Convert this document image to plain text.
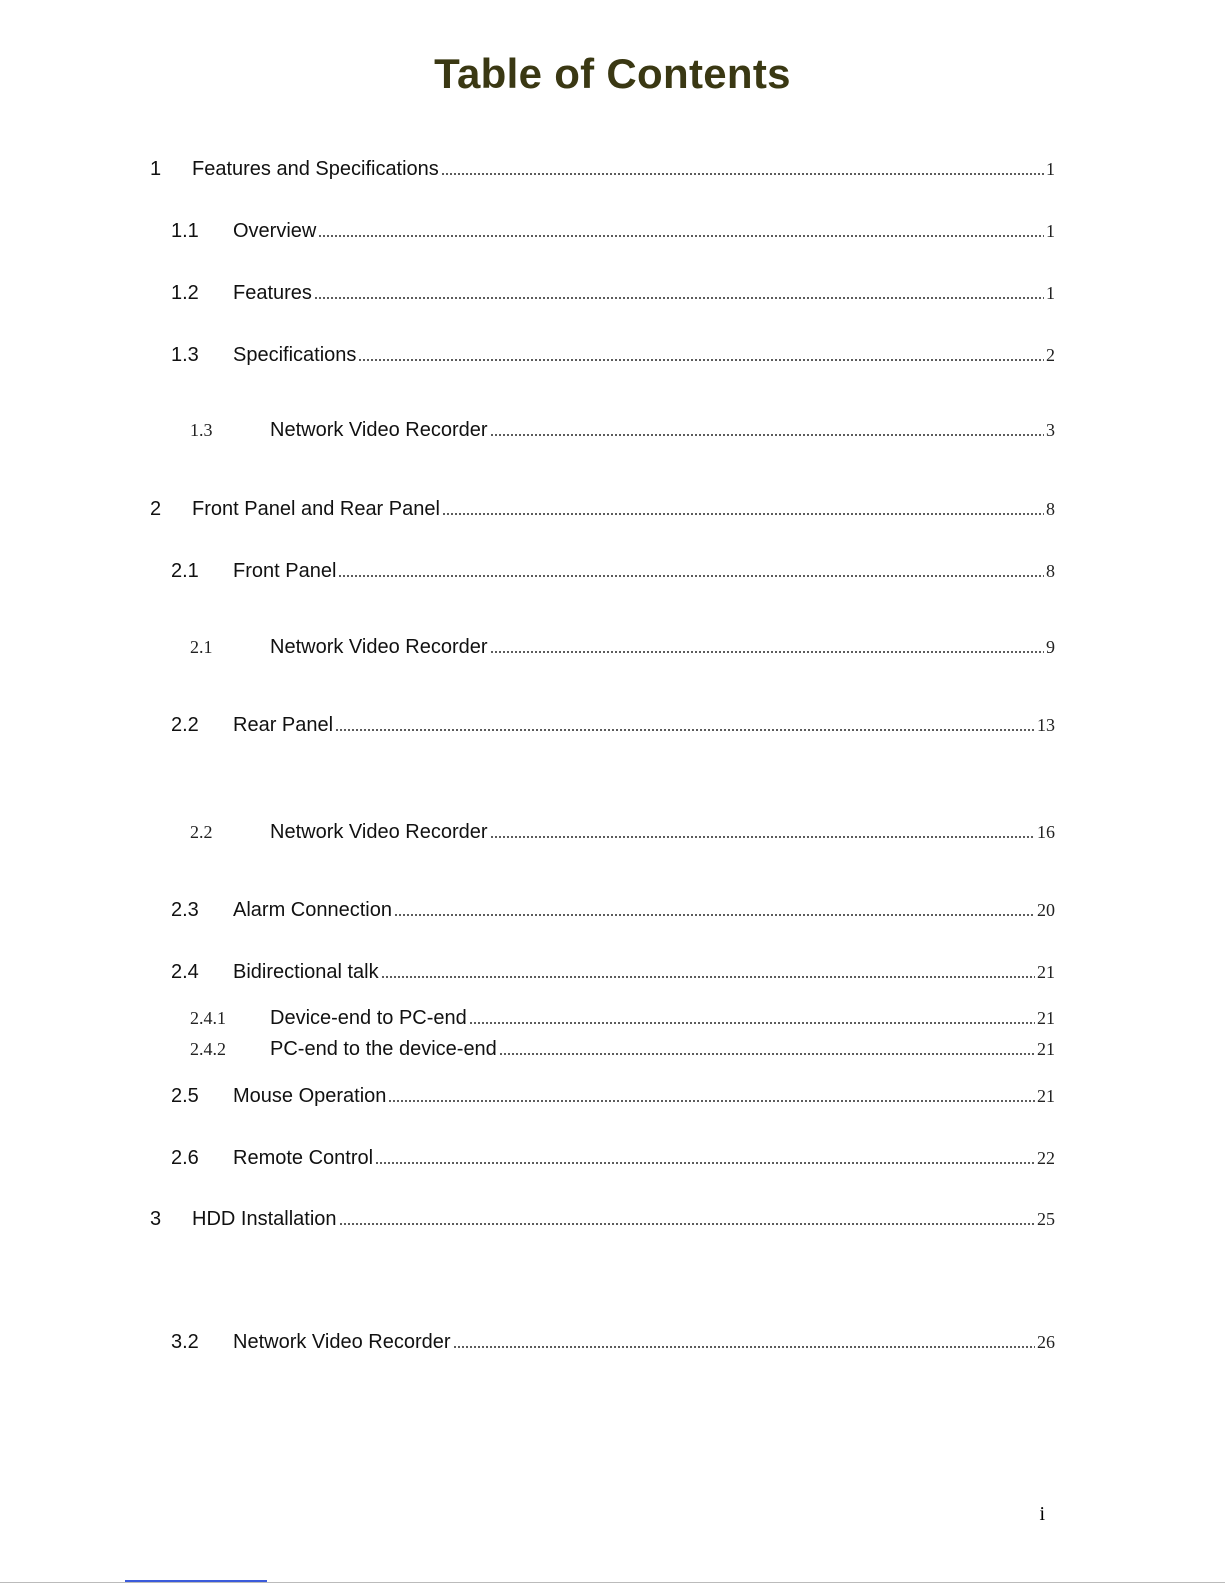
Table of Contents
1	Features and Specifications	1
1.1	Overview	1
1.2	Features	1
1.3	Specifications	2
1.3	Network Video Recorder	3
2	Front Panel and Rear Panel	8
2.1	Front Panel	8
2.1	Network Video Recorder	9
2.2	Rear Panel	13
2.2	Network Video Recorder	16
2.3	Alarm Connection	20
2.4	Bidirectional talk	21
2.4.1	Device-end to PC-end	21
2.4.2	PC-end to the device-end	21
2.5	Mouse Operation	21
2.6	Remote Control	22
3	HDD Installation	25
3.2	Network Video Recorder	26
i
